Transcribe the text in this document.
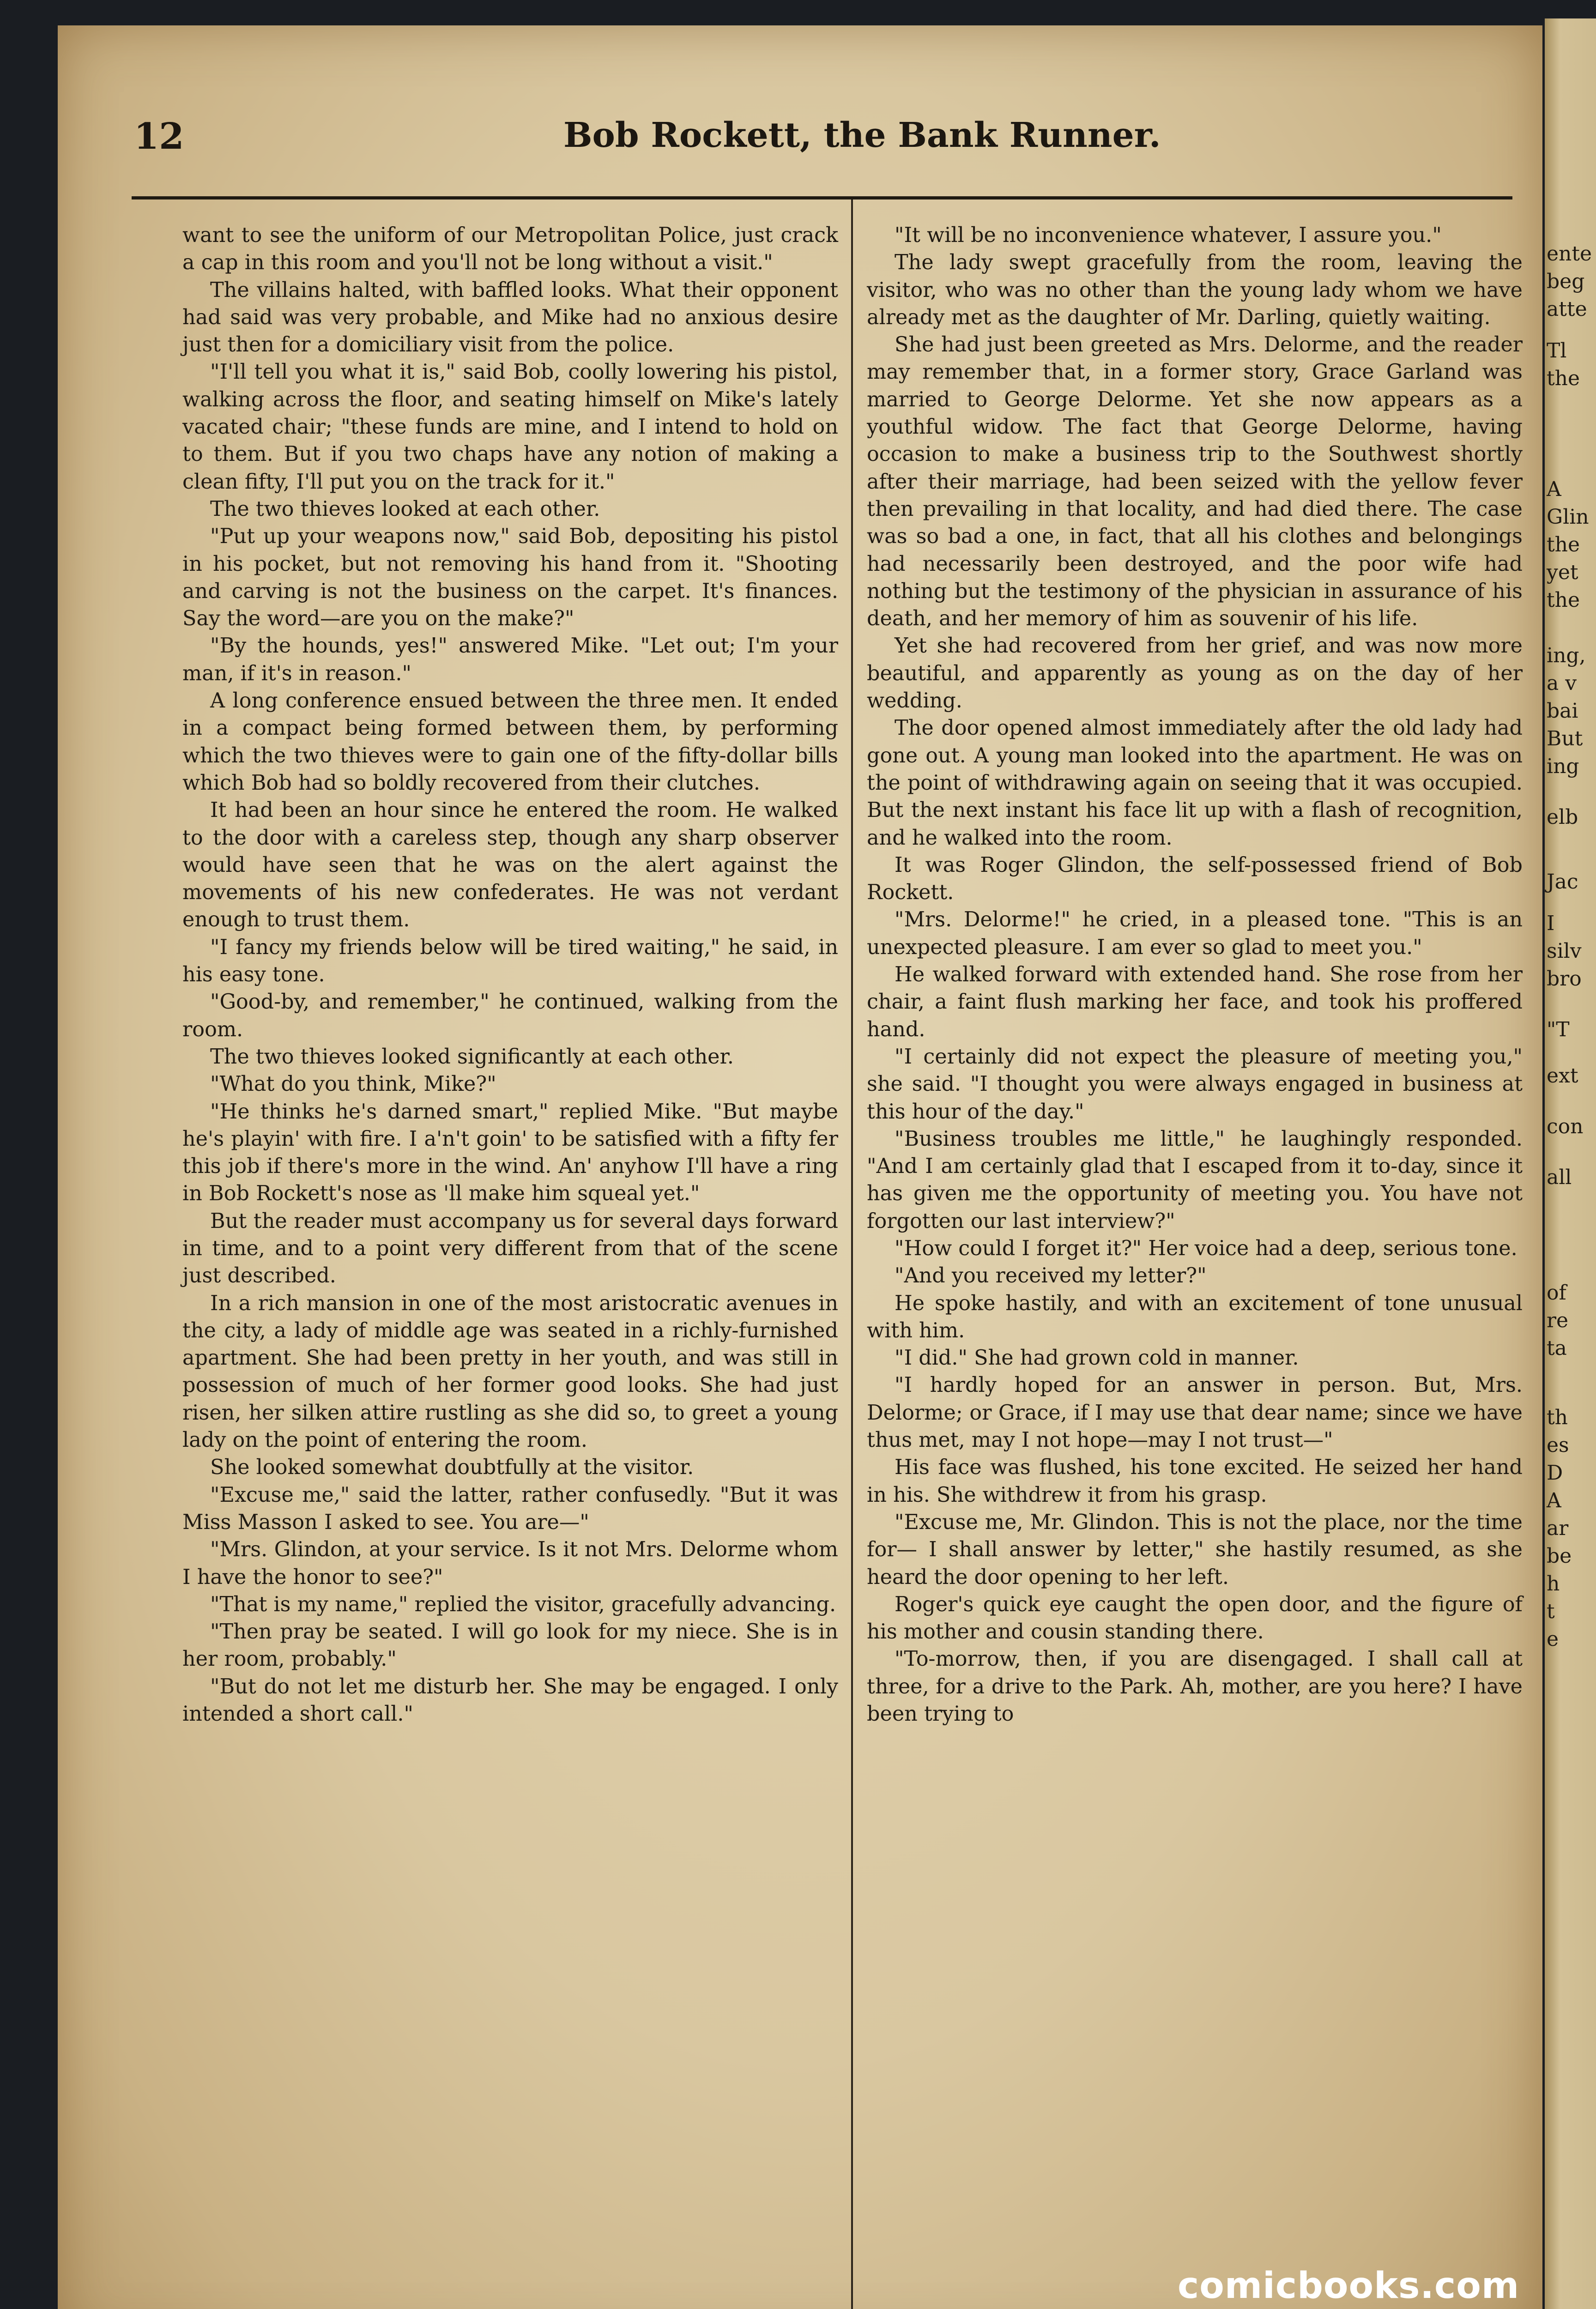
ente
beg
atte
Tl
the
A
Glin
the
yet
the
ing,
a v
bai
But
ing
elb
Jac
I
silv
bro
"T
ext
con
all
of
re
ta
th
es
D
A
ar
be
h
t
e
12	Bob Rockett, the Bank Runner.

want to see the uniform of our Metropolitan Police, just crack a cap in this room and you'll not be long without a visit."

The villains halted, with baffled looks. What their opponent had said was very probable, and Mike had no anxious desire just then for a domiciliary visit from the police.

"I'll tell you what it is," said Bob, coolly lowering his pistol, walking across the floor, and seating himself on Mike's lately vacated chair; "these funds are mine, and I intend to hold on to them. But if you two chaps have any notion of making a clean fifty, I'll put you on the track for it."

The two thieves looked at each other.

"Put up your weapons now," said Bob, depositing his pistol in his pocket, but not removing his hand from it. "Shooting and carving is not the business on the carpet. It's finances. Say the word—are you on the make?"

"By the hounds, yes!" answered Mike. "Let out; I'm your man, if it's in reason."

A long conference ensued between the three men. It ended in a compact being formed between them, by performing which the two thieves were to gain one of the fifty-dollar bills which Bob had so boldly recovered from their clutches.

It had been an hour since he entered the room. He walked to the door with a careless step, though any sharp observer would have seen that he was on the alert against the movements of his new confederates. He was not verdant enough to trust them.

"I fancy my friends below will be tired waiting," he said, in his easy tone.

"Good-by, and remember," he continued, walking from the room.

The two thieves looked significantly at each other.

"What do you think, Mike?"

"He thinks he's darned smart," replied Mike. "But maybe he's playin' with fire. I a'n't goin' to be satisfied with a fifty fer this job if there's more in the wind. An' anyhow I'll have a ring in Bob Rockett's nose as 'll make him squeal yet."

But the reader must accompany us for several days forward in time, and to a point very different from that of the scene just described.

In a rich mansion in one of the most aristocratic avenues in the city, a lady of middle age was seated in a richly-furnished apartment. She had been pretty in her youth, and was still in possession of much of her former good looks. She had just risen, her silken attire rustling as she did so, to greet a young lady on the point of entering the room.

She looked somewhat doubtfully at the visitor.

"Excuse me," said the latter, rather confusedly. "But it was Miss Masson I asked to see. You are—"

"Mrs. Glindon, at your service. Is it not Mrs. Delorme whom I have the honor to see?"

"That is my name," replied the visitor, gracefully advancing.

"Then pray be seated. I will go look for my niece. She is in her room, probably."

"But do not let me disturb her. She may be engaged. I only intended a short call."

"It will be no inconvenience whatever, I assure you."

The lady swept gracefully from the room, leaving the visitor, who was no other than the young lady whom we have already met as the daughter of Mr. Darling, quietly waiting.

She had just been greeted as Mrs. Delorme, and the reader may remember that, in a former story, Grace Garland was married to George Delorme. Yet she now appears as a youthful widow. The fact that George Delorme, having occasion to make a business trip to the Southwest shortly after their marriage, had been seized with the yellow fever then prevailing in that locality, and had died there. The case was so bad a one, in fact, that all his clothes and belongings had necessarily been destroyed, and the poor wife had nothing but the testimony of the physician in assurance of his death, and her memory of him as souvenir of his life.

Yet she had recovered from her grief, and was now more beautiful, and apparently as young as on the day of her wedding.

The door opened almost immediately after the old lady had gone out. A young man looked into the apartment. He was on the point of withdrawing again on seeing that it was occupied. But the next instant his face lit up with a flash of recognition, and he walked into the room.

It was Roger Glindon, the self-possessed friend of Bob Rockett.

"Mrs. Delorme!" he cried, in a pleased tone. "This is an unexpected pleasure. I am ever so glad to meet you."

He walked forward with extended hand. She rose from her chair, a faint flush marking her face, and took his proffered hand.

"I certainly did not expect the pleasure of meeting you," she said. "I thought you were always engaged in business at this hour of the day."

"Business troubles me little," he laughingly responded. "And I am certainly glad that I escaped from it to-day, since it has given me the opportunity of meeting you. You have not forgotten our last interview?"

"How could I forget it?" Her voice had a deep, serious tone.

"And you received my letter?"

He spoke hastily, and with an excitement of tone unusual with him.

"I did." She had grown cold in manner.

"I hardly hoped for an answer in person. But, Mrs. Delorme; or Grace, if I may use that dear name; since we have thus met, may I not hope—may I not trust—"

His face was flushed, his tone excited. He seized her hand in his. She withdrew it from his grasp.

"Excuse me, Mr. Glindon. This is not the place, nor the time for— I shall answer by letter," she hastily resumed, as she heard the door opening to her left.

Roger's quick eye caught the open door, and the figure of his mother and cousin standing there.

"To-morrow, then, if you are disengaged. I shall call at three, for a drive to the Park. Ah, mother, are you here? I have been trying to

comicbooks.com
